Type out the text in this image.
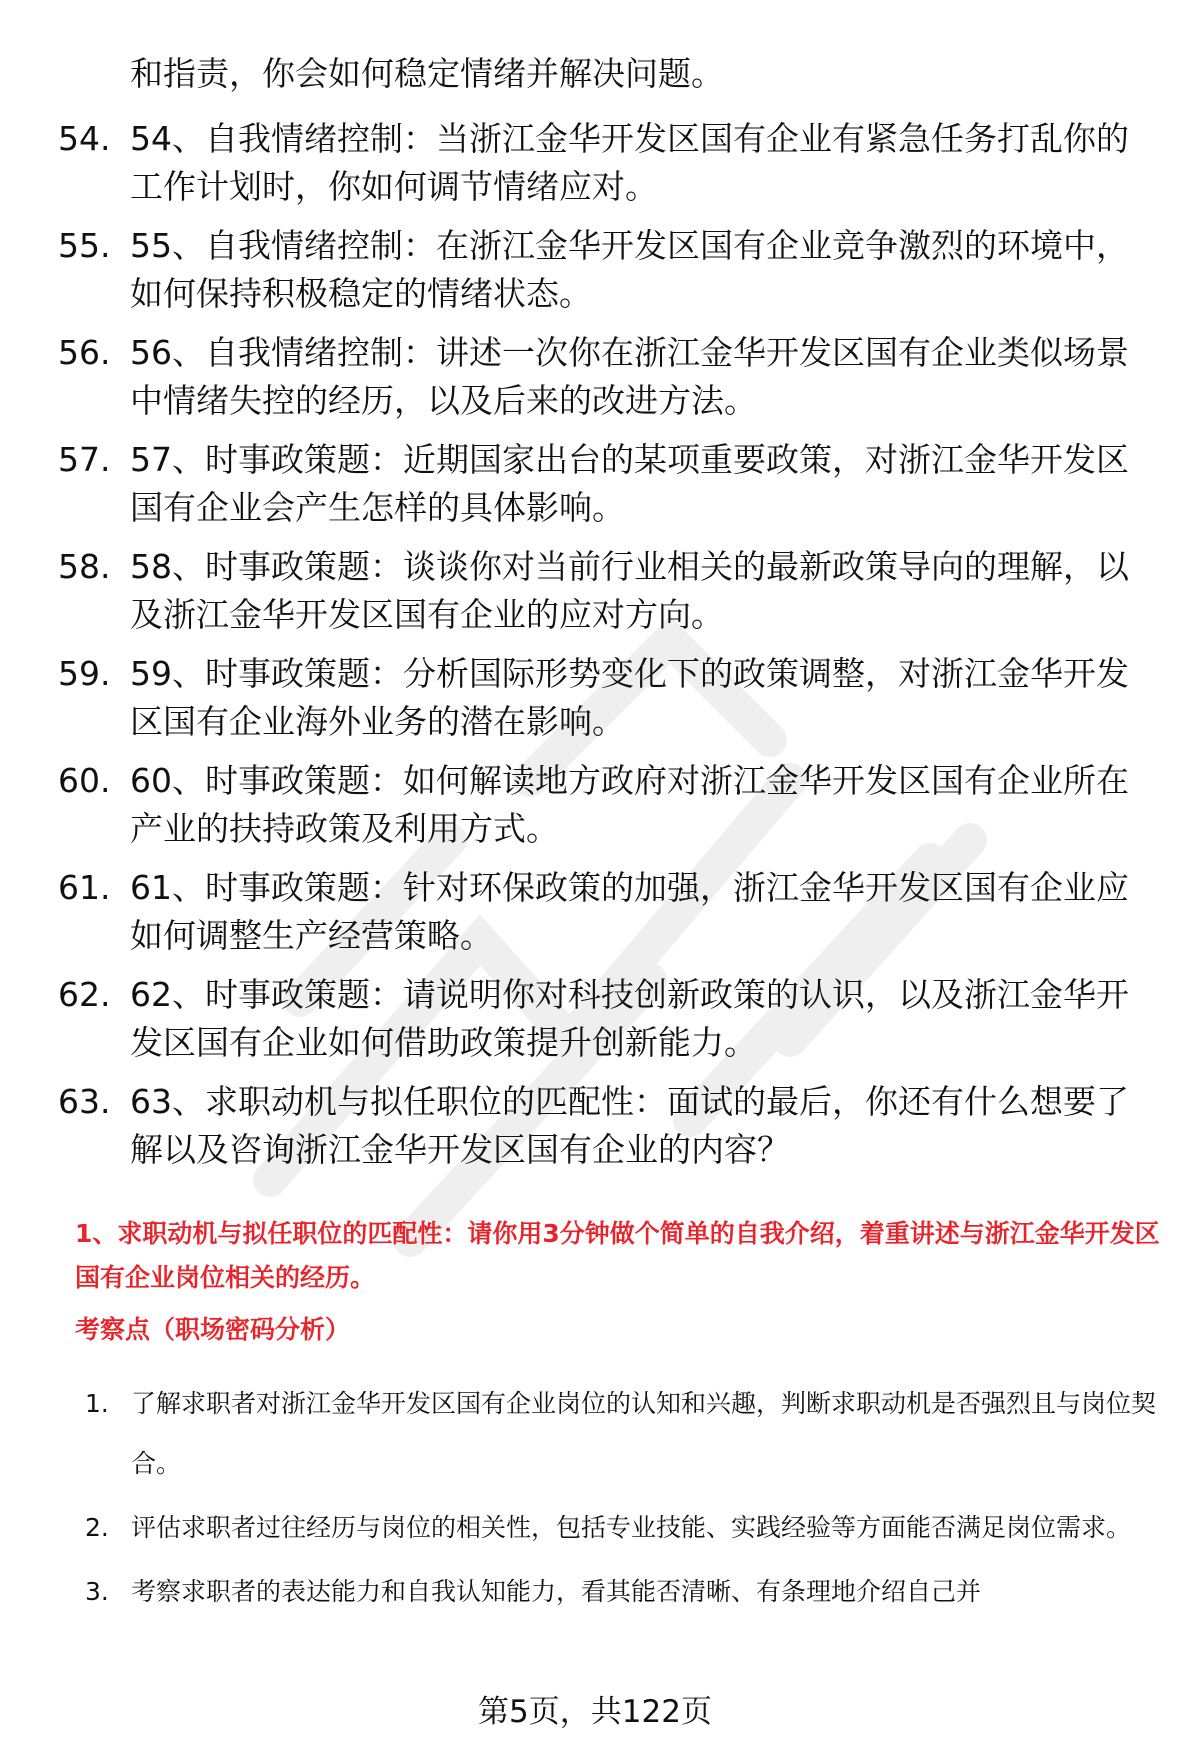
和指责，你会如何稳定情绪并解决问题。
54. 54、自我情绪控制：当浙江金华开发区国有企业有紧急任务打乱你的工作计划时，你如何调节情绪应对。
55. 55、自我情绪控制：在浙江金华开发区国有企业竞争激烈的环境中，如何保持积极稳定的情绪状态。
56. 56、自我情绪控制：讲述一次你在浙江金华开发区国有企业类似场景中情绪失控的经历，以及后来的改进方法。
57. 57、时事政策题：近期国家出台的某项重要政策，对浙江金华开发区国有企业会产生怎样的具体影响。
58. 58、时事政策题：谈谈你对当前行业相关的最新政策导向的理解，以及浙江金华开发区国有企业的应对方向。
59. 59、时事政策题：分析国际形势变化下的政策调整，对浙江金华开发区国有企业海外业务的潜在影响。
60. 60、时事政策题：如何解读地方政府对浙江金华开发区国有企业所在产业的扶持政策及利用方式。
61. 61、时事政策题：针对环保政策的加强，浙江金华开发区国有企业应如何调整生产经营策略。
62. 62、时事政策题：请说明你对科技创新政策的认识，以及浙江金华开发区国有企业如何借助政策提升创新能力。
63. 63、求职动机与拟任职位的匹配性：面试的最后，你还有什么想要了解以及咨询浙江金华开发区国有企业的内容？
1、求职动机与拟任职位的匹配性：请你用3分钟做个简单的自我介绍，着重讲述与浙江金华开发区国有企业岗位相关的经历。
考察点（职场密码分析）
1. 了解求职者对浙江金华开发区国有企业岗位的认知和兴趣，判断求职动机是否强烈且与岗位契合。
2. 评估求职者过往经历与岗位的相关性，包括专业技能、实践经验等方面能否满足岗位需求。
3. 考察求职者的表达能力和自我认知能力，看其能否清晰、有条理地介绍自己并
第5页，共122页
